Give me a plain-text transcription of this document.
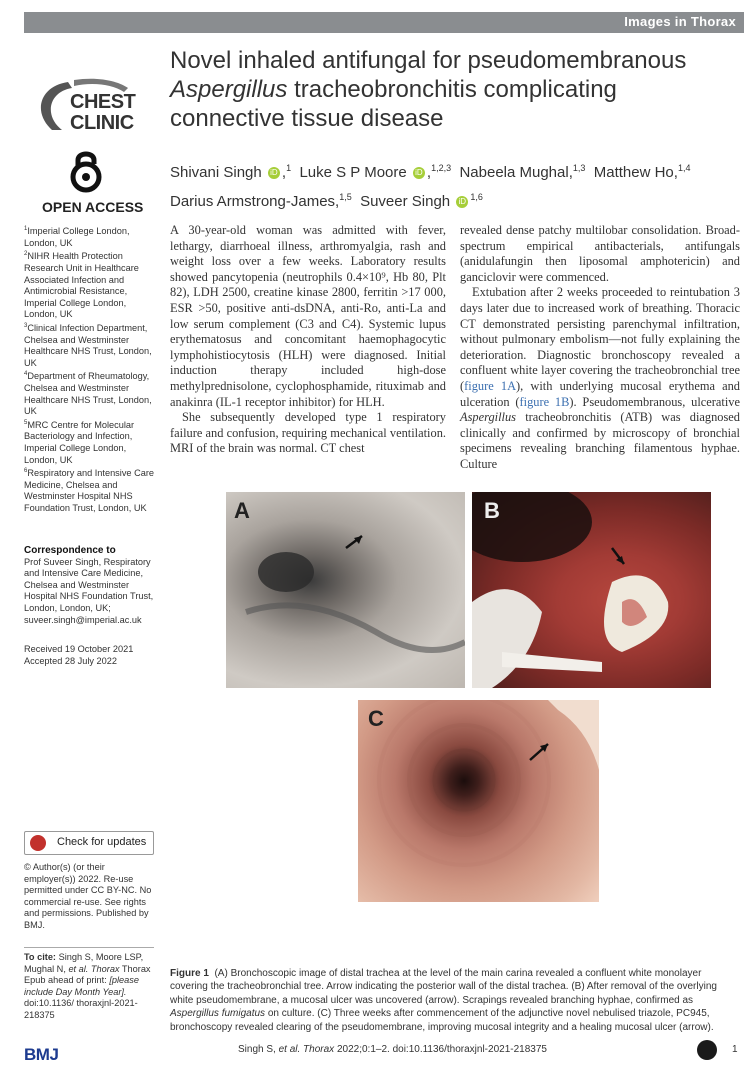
Images in Thorax
CHEST
CLINIC
OPEN ACCESS
Novel inhaled antifungal for pseudomembranous
Aspergillus tracheobronchitis complicating connective tissue disease
Shivani Singh iD ,$^1$ Luke S P Moore iD ,$^{1,2,3}$ Nabeela Mughal,$^{1,3}$ Matthew Ho,$^{1,4}$
Darius Armstrong-James,$^{1,5}$ Suveer Singh iD $^{1,6}$

$^1$Imperial College London, London, UK

$^2$NIHR Health Protection Research Unit in Healthcare Associated Infection and Antimicrobial Resistance, Imperial College London, London, UK

$^3$Clinical Infection Department, Chelsea and Westminster Healthcare NHS Trust, London, UK

$^4$Department of Rheumatology, Chelsea and Westminster Healthcare NHS Trust, London, UK

$^5$MRC Centre for Molecular Bacteriology and Infection, Imperial College London, London, UK

$^6$Respiratory and Intensive Care Medicine, Chelsea and Westminster Hospital NHS Foundation Trust, London, UK

Correspondence to
Prof Suveer Singh, Respiratory and Intensive Care Medicine, Chelsea and Westminster Hospital NHS Foundation Trust, London, London, UK; suveer.singh@imperial.ac.uk
Received 19 October 2021
Accepted 28 July 2022
Check for updates
© Author(s) (or their employer(s)) 2022. Re-use permitted under CC BY-NC. No commercial re-use. See rights and permissions. Published by BMJ.
To cite: Singh S, Moore LSP, Mughal N, et al. Thorax Thorax Epub ahead of print: [please include Day Month Year]. doi:10.1136/ thoraxjnl-2021-218375

A 30-year-old woman was admitted with fever, lethargy, diarrhoeal illness, arthromyalgia, rash and weight loss over a few weeks. Laboratory results showed pancytopenia (neutrophils 0.4×10⁹, Hb 80, Plt 82), LDH 2500, creatine kinase 2800, ferritin >17 000, ESR >50, positive anti-dsDNA, anti-Ro, anti-La and low serum complement (C3 and C4). Systemic lupus erythematosus and concomitant haemophagocytic lymphohistiocytosis (HLH) were diagnosed. Initial induction therapy included high-dose methylprednisolone, cyclophosphamide, rituximab and anakinra (IL-1 receptor inhibitor) for HLH.

She subsequently developed type 1 respiratory failure and confusion, requiring mechanical ventilation. MRI of the brain was normal. CT chest

revealed dense patchy multilobar consolidation. Broad-spectrum empirical antibacterials, antifungals (anidulafungin then liposomal amphotericin) and ganciclovir were commenced.

Extubation after 2 weeks proceeded to reintubation 3 days later due to increased work of breathing. Thoracic CT demonstrated persisting parenchymal infiltration, without pulmonary embolism—not fully explaining the deterioration. Diagnostic bronchoscopy revealed a confluent white layer covering the tracheobronchial tree (figure 1A), with underlying mucosal erythema and ulceration (figure 1B). Pseudomembranous, ulcerative Aspergillus tracheobronchitis (ATB) was diagnosed clinically and confirmed by microscopy of bronchial specimens revealing branching filamentous hyphae. Culture

A	B
C
Figure 1 (A) Bronchoscopic image of distal trachea at the level of the main carina revealed a confluent white monolayer covering the tracheobronchial tree. Arrow indicating the posterior wall of the distal trachea. (B) After removal of the overlying white pseudomembrane, a mucosal ulcer was uncovered (arrow). Scrapings revealed branching hyphae, confirmed as Aspergillus fumigatus on culture. (C) Three weeks after commencement of the adjunctive novel nebulised triazole, PC945, bronchoscopy revealed clearing of the pseudomembrane, improving mucosal integrity and a healing mucosal ulcer (arrow).
BMJ	Singh S, et al. Thorax 2022;0:1–2. doi:10.1136/thoraxjnl-2021-218375	1
